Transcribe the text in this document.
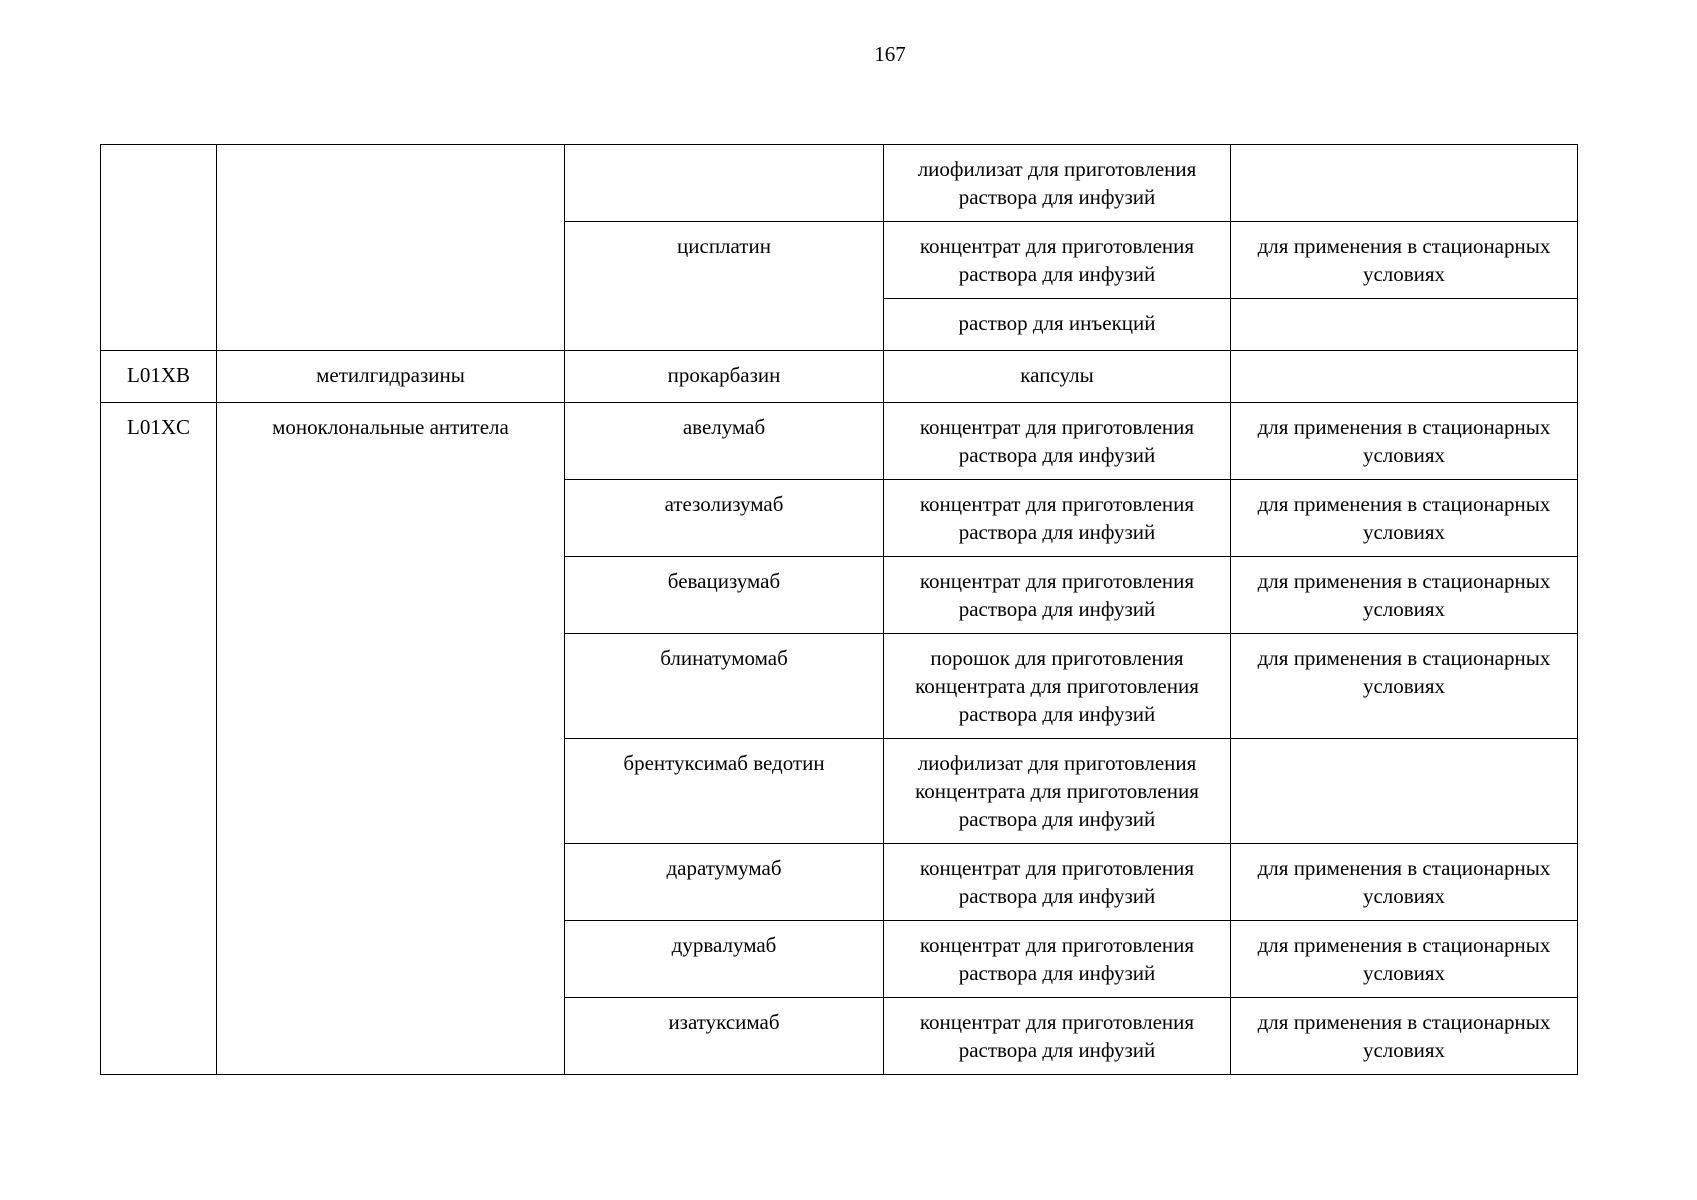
167
			лиофилизат для приготовления раствора для инфузий	
		цисплатин	концентрат для приготовления раствора для инфузий	для применения в стационарных условиях
			раствор для инъекций	
L01XB	метилгидразины	прокарбазин	капсулы	
L01XC	моноклональные антитела	авелумаб	концентрат для приготовления раствора для инфузий	для применения в стационарных условиях
		атезолизумаб	концентрат для приготовления раствора для инфузий	для применения в стационарных условиях
		бевацизумаб	концентрат для приготовления раствора для инфузий	для применения в стационарных условиях
		блинатумомаб	порошок для приготовления концентрата для приготовления раствора для инфузий	для применения в стационарных условиях
		брентуксимаб ведотин	лиофилизат для приготовления концентрата для приготовления раствора для инфузий	
		даратумумаб	концентрат для приготовления раствора для инфузий	для применения в стационарных условиях
		дурвалумаб	концентрат для приготовления раствора для инфузий	для применения в стационарных условиях
		изатуксимаб	концентрат для приготовления раствора для инфузий	для применения в стационарных условиях
